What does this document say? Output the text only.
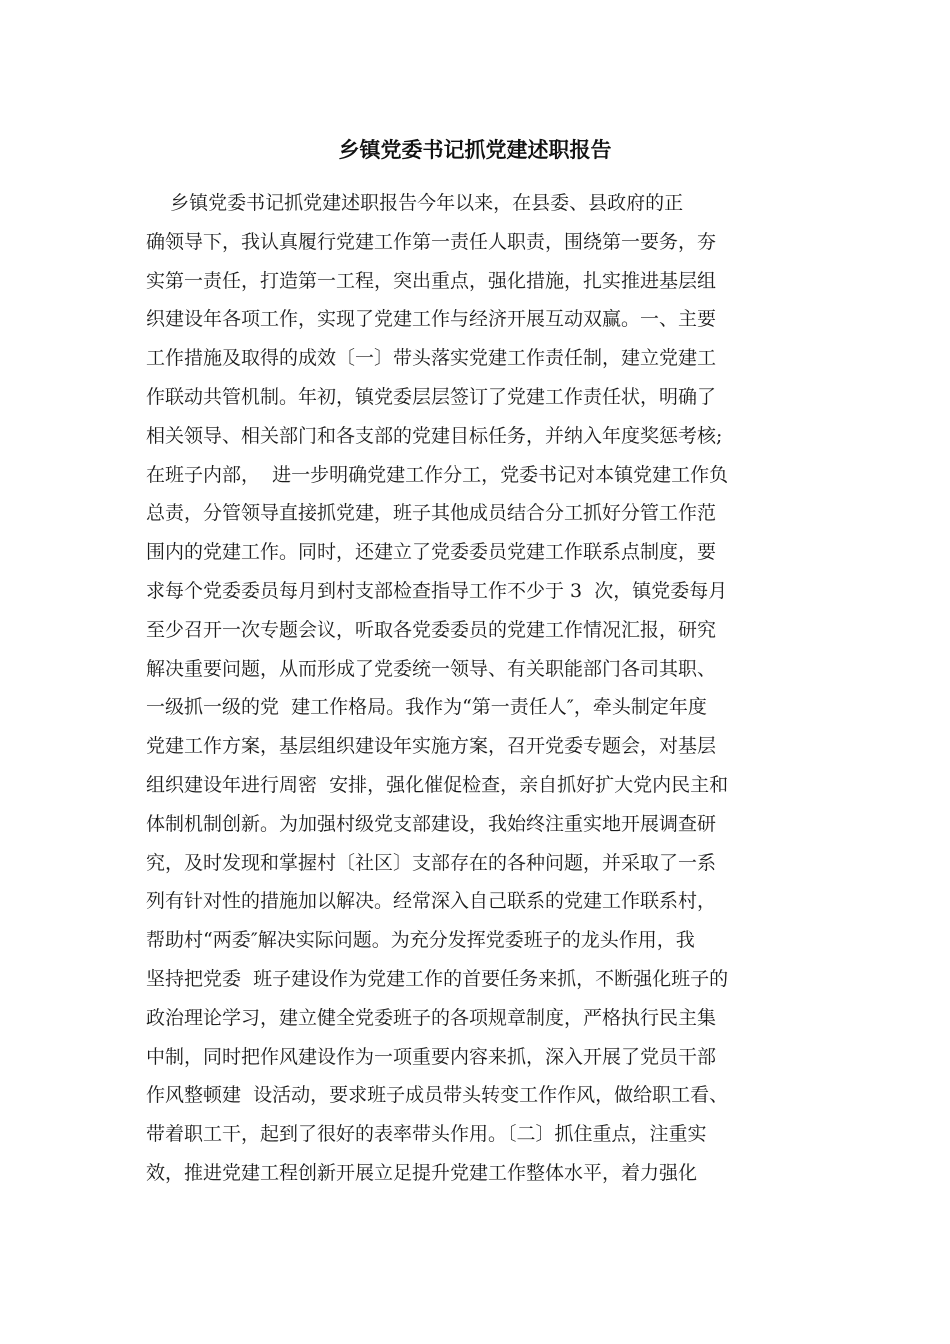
乡镇党委书记抓党建述职报告
乡镇党委书记抓党建述职报告今年以来，在县委、县政府的正
确领导下，我认真履行党建工作第一责任人职责，围绕第一要务，夯
实第一责任，打造第一工程，突出重点，强化措施，扎实推进基层组
织建设年各项工作，实现了党建工作与经济开展互动双赢。一、主要
工作措施及取得的成效〔一〕带头落实党建工作责任制，建立党建工
作联动共管机制。年初，镇党委层层签订了党建工作责任状，明确了
相关领导、相关部门和各支部的党建目标任务，并纳入年度奖惩考核;
在班子内部，  进一步明确党建工作分工，党委书记对本镇党建工作负
总责，分管领导直接抓党建，班子其他成员结合分工抓好分管工作范
围内的党建工作。同时，还建立了党委委员党建工作联系点制度，要
求每个党委委员每月到村支部检查指导工作不少于 3  次，镇党委每月
至少召开一次专题会议，听取各党委委员的党建工作情况汇报，研究
解决重要问题，从而形成了党委统一领导、有关职能部门各司其职、
一级抓一级的党  建工作格局。我作为“第一责任人″，牵头制定年度
党建工作方案，基层组织建设年实施方案，召开党委专题会，对基层
组织建设年进行周密  安排，强化催促检查，亲自抓好扩大党内民主和
体制机制创新。为加强村级党支部建设，我始终注重实地开展调查研
究，及时发现和掌握村〔社区〕支部存在的各种问题，并采取了一系
列有针对性的措施加以解决。经常深入自己联系的党建工作联系村，
帮助村“两委″解决实际问题。为充分发挥党委班子的龙头作用，我
坚持把党委  班子建设作为党建工作的首要任务来抓，不断强化班子的
政治理论学习，建立健全党委班子的各项规章制度，严格执行民主集
中制，同时把作风建设作为一项重要内容来抓，深入开展了党员干部
作风整顿建  设活动，要求班子成员带头转变工作作风，做给职工看、
带着职工干，起到了很好的表率带头作用。〔二〕抓住重点，注重实
效，推进党建工程创新开展立足提升党建工作整体水平，着力强化
